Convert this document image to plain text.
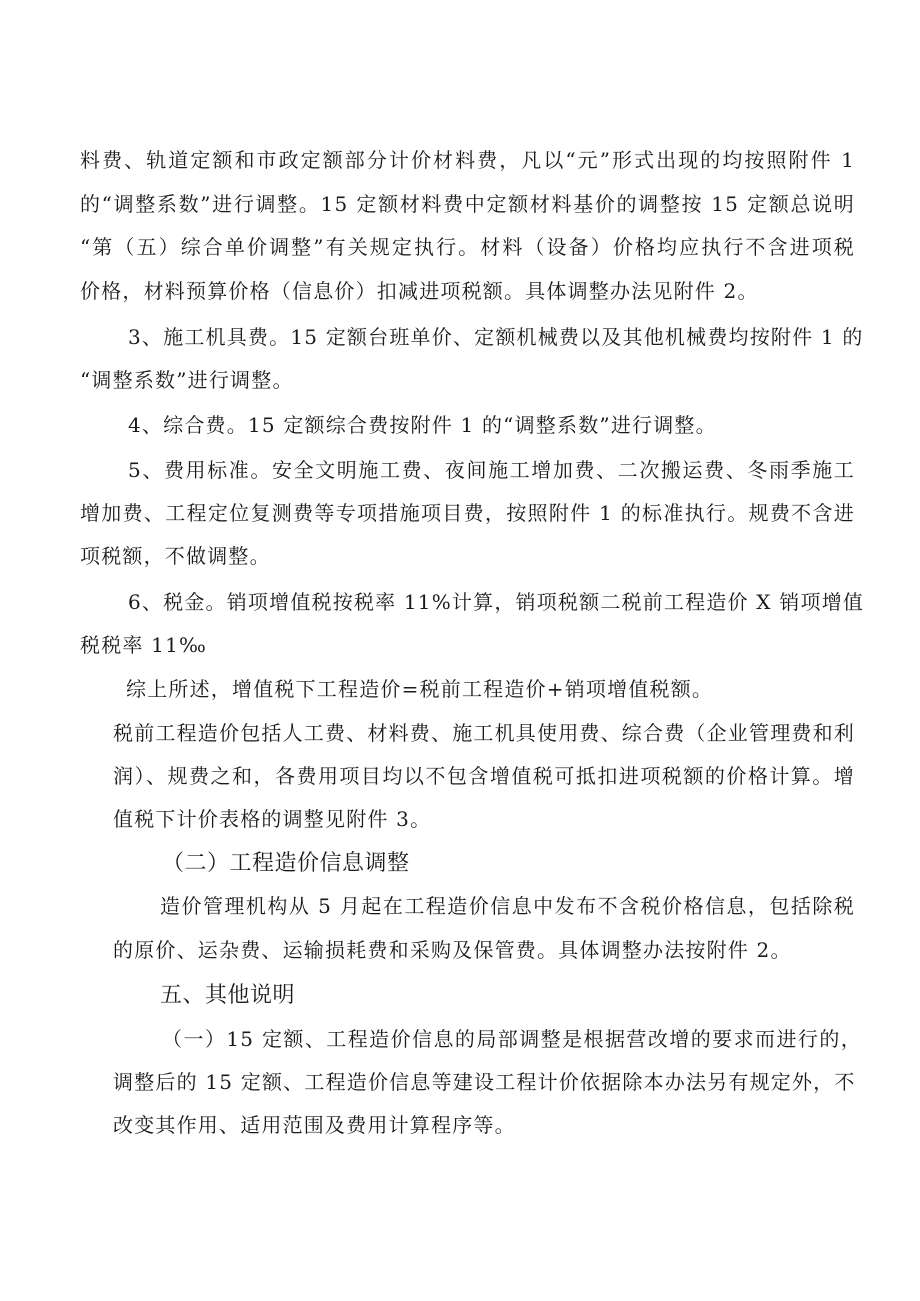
料费、轨道定额和市政定额部分计价材料费，凡以“元”形式出现的均按照附件 1
的“调整系数”进行调整。15 定额材料费中定额材料基价的调整按 15 定额总说明
“第（五）综合单价调整”有关规定执行。材料（设备）价格均应执行不含进项税
价格，材料预算价格（信息价）扣减进项税额。具体调整办法见附件 2。
3、施工机具费。15 定额台班单价、定额机械费以及其他机械费均按附件 1 的
“调整系数”进行调整。
4、综合费。15 定额综合费按附件 1 的“调整系数”进行调整。
5、费用标准。安全文明施工费、夜间施工增加费、二次搬运费、冬雨季施工
增加费、工程定位复测费等专项措施项目费，按照附件 1 的标准执行。规费不含进
项税额，不做调整。
6、税金。销项增值税按税率 11%计算，销项税额二税前工程造价 X 销项增值
税税率 11‰
综上所述，增值税下工程造价=税前工程造价+销项增值税额。
税前工程造价包括人工费、材料费、施工机具使用费、综合费（企业管理费和利
润）、规费之和，各费用项目均以不包含增值税可抵扣进项税额的价格计算。增
值税下计价表格的调整见附件 3。
（二）工程造价信息调整
造价管理机构从 5 月起在工程造价信息中发布不含税价格信息，包括除税
的原价、运杂费、运输损耗费和采购及保管费。具体调整办法按附件 2。
五、其他说明
（一）15 定额、工程造价信息的局部调整是根据营改增的要求而进行的，
调整后的 15 定额、工程造价信息等建设工程计价依据除本办法另有规定外，不
改变其作用、适用范围及费用计算程序等。
